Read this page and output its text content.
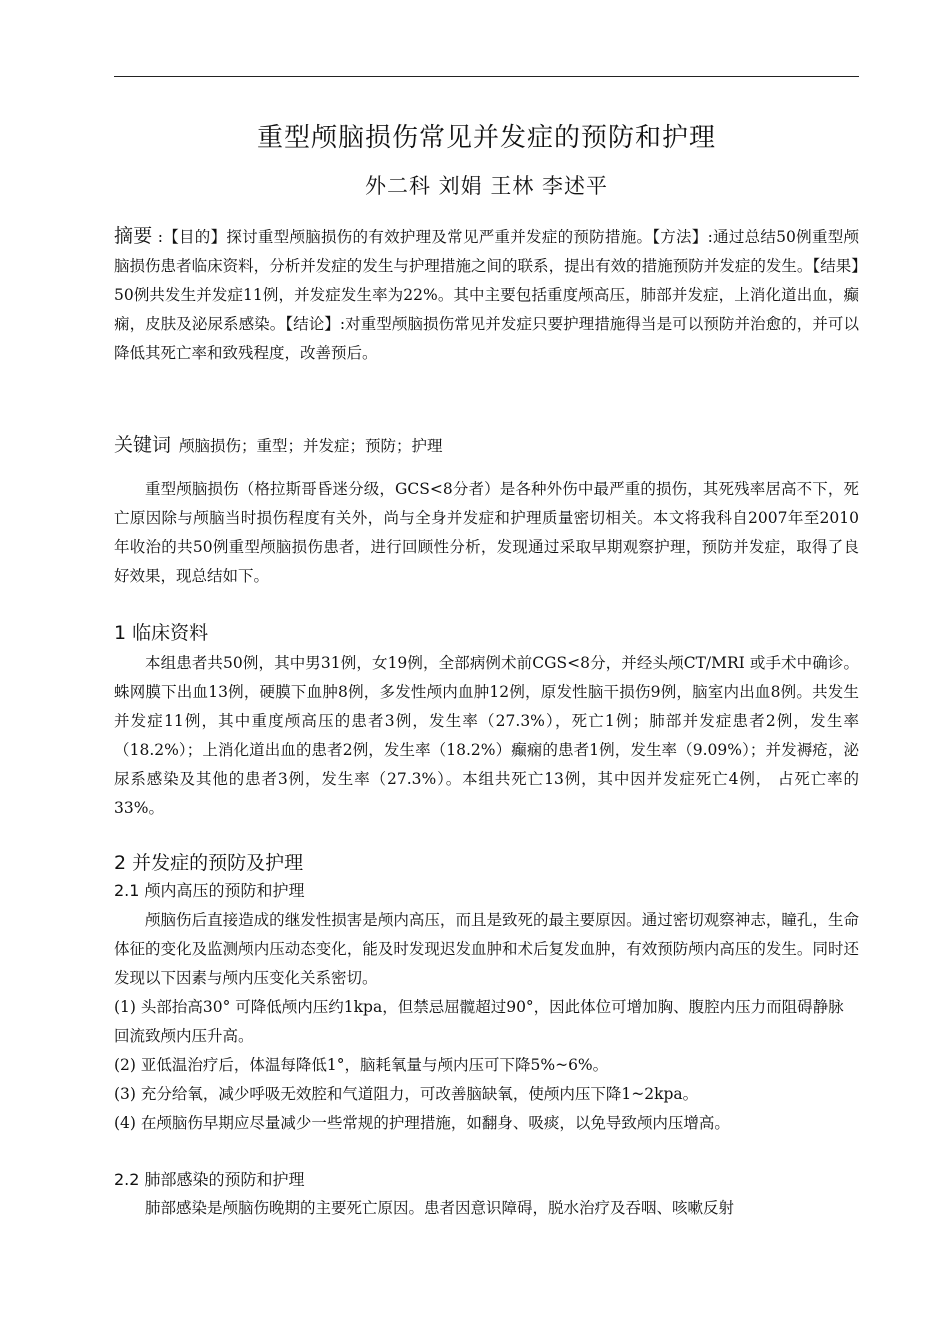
重型颅脑损伤常见并发症的预防和护理
外二科 刘娟 王林 李述平

摘要 :【目的】探讨重型颅脑损伤的有效护理及常见严重并发症的预防措施。【方法】:通过总结50例重型颅脑损伤患者临床资料，分析并发症的发生与护理措施之间的联系，提出有效的措施预防并发症的发生。【结果】50例共发生并发症11例，并发症发生率为22%。其中主要包括重度颅高压，肺部并发症，上消化道出血，癫痫，皮肤及泌尿系感染。【结论】:对重型颅脑损伤常见并发症只要护理措施得当是可以预防并治愈的，并可以降低其死亡率和致残程度，改善预后。

关键词 颅脑损伤；重型；并发症；预防；护理

重型颅脑损伤（格拉斯哥昏迷分级，GCS<8分者）是各种外伤中最严重的损伤，其死残率居高不下，死亡原因除与颅脑当时损伤程度有关外，尚与全身并发症和护理质量密切相关。本文将我科自2007年至2010年收治的共50例重型颅脑损伤患者，进行回顾性分析，发现通过采取早期观察护理，预防并发症，取得了良好效果，现总结如下。

1 临床资料

本组患者共50例，其中男31例，女19例，全部病例术前CGS<8分，并经头颅CT/MRI 或手术中确诊。蛛网膜下出血13例，硬膜下血肿8例，多发性颅内血肿12例，原发性脑干损伤9例，脑室内出血8例。共发生并发症11例，其中重度颅高压的患者3例，发生率（27.3%），死亡1例；肺部并发症患者2例，发生率（18.2%）；上消化道出血的患者2例，发生率（18.2%）癫痫的患者1例，发生率（9.09%）；并发褥疮，泌尿系感染及其他的患者3例，发生率（27.3%）。本组共死亡13例，其中因并发症死亡4例， 占死亡率的33%。

2 并发症的预防及护理
2.1 颅内高压的预防和护理

颅脑伤后直接造成的继发性损害是颅内高压，而且是致死的最主要原因。通过密切观察神志，瞳孔，生命体征的变化及监测颅内压动态变化，能及时发现迟发血肿和术后复发血肿，有效预防颅内高压的发生。同时还发现以下因素与颅内压变化关系密切。

(1) 头部抬高30° 可降低颅内压约1kpa，但禁忌屈髋超过90°，因此体位可增加胸、腹腔内压力而阻碍静脉回流致颅内压升高。

(2) 亚低温治疗后，体温每降低1°，脑耗氧量与颅内压可下降5%~6%。

(3) 充分给氧，减少呼吸无效腔和气道阻力，可改善脑缺氧，使颅内压下降1~2kpa。

(4) 在颅脑伤早期应尽量减少一些常规的护理措施，如翻身、吸痰，以免导致颅内压增高。

2.2 肺部感染的预防和护理

肺部感染是颅脑伤晚期的主要死亡原因。患者因意识障碍，脱水治疗及吞咽、咳嗽反射
